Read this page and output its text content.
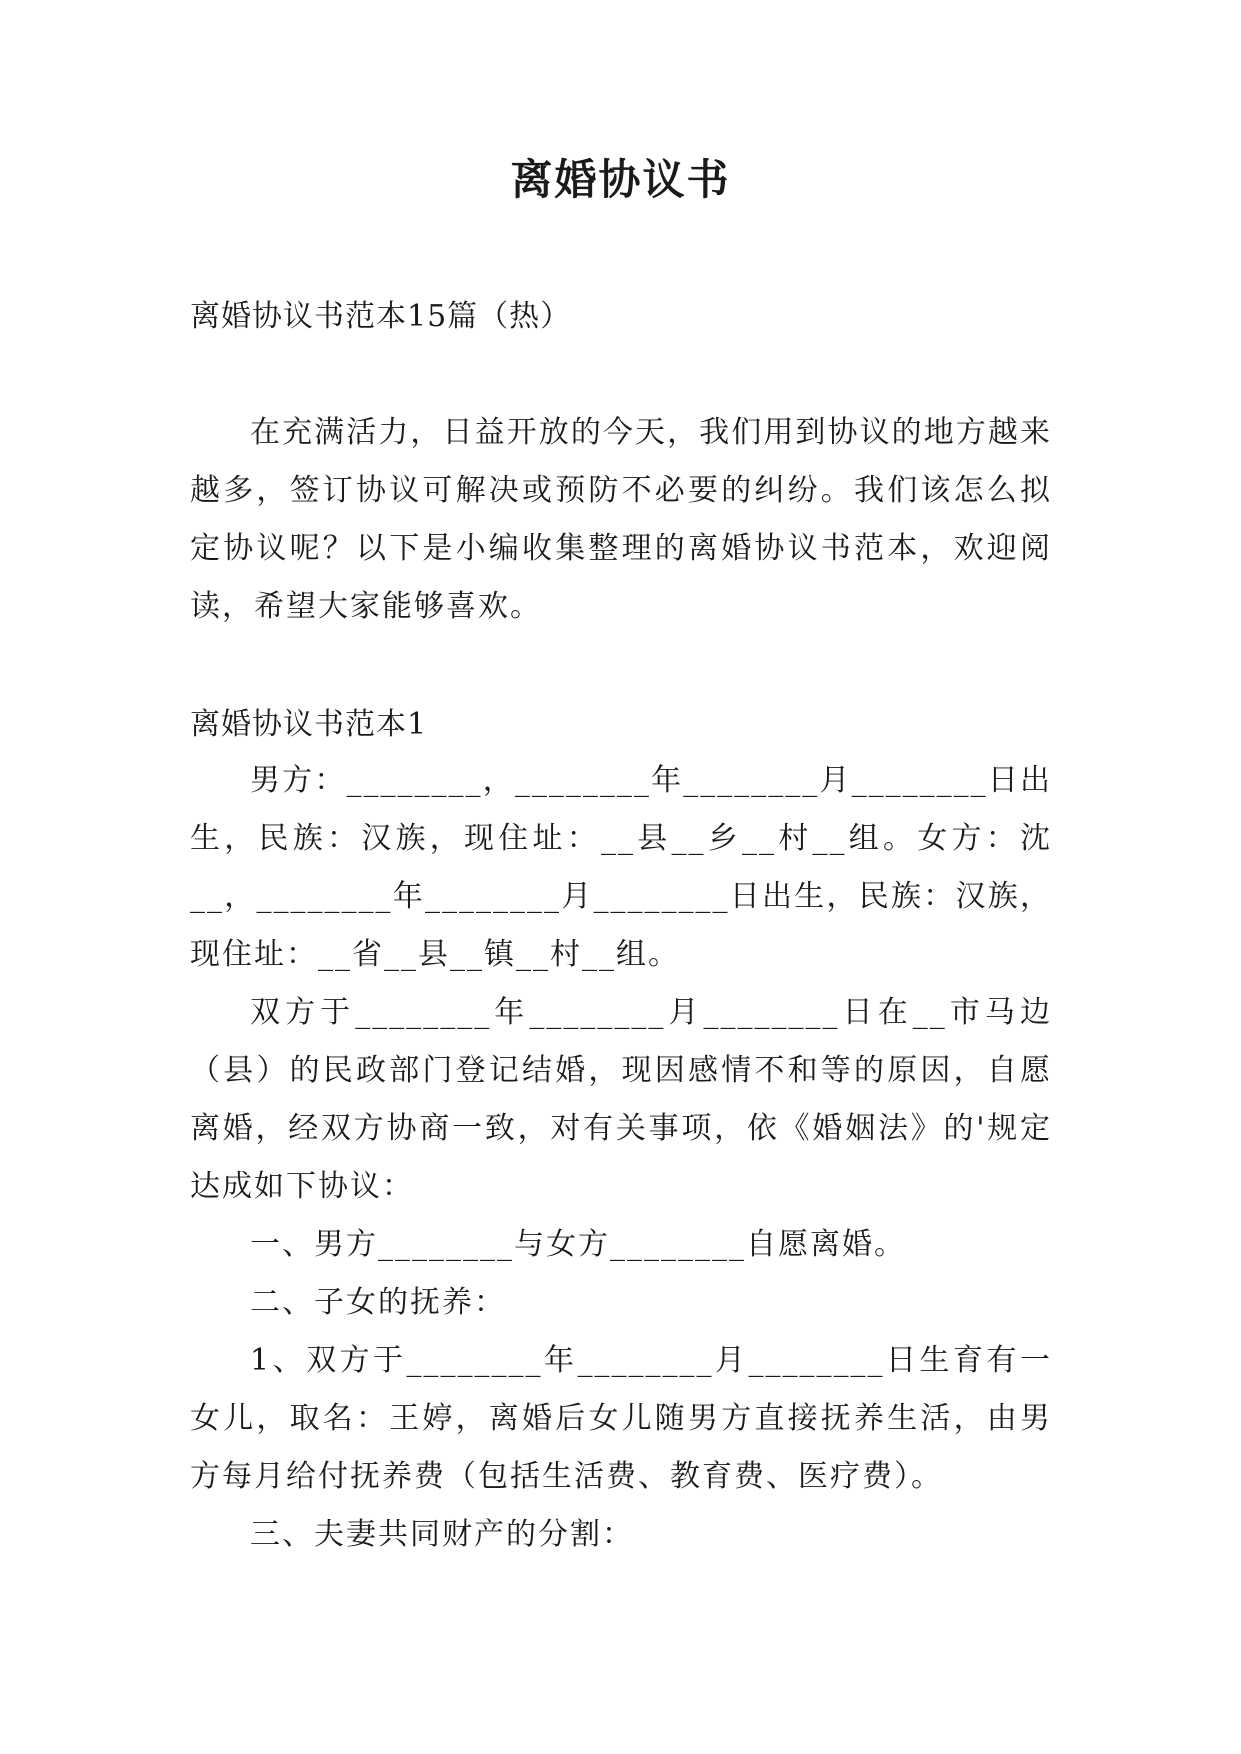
离婚协议书
离婚协议书范本15篇（热）

在充满活力，日益开放的今天，我们用到协议的地方越来越多，签订协议可解决或预防不必要的纠纷。我们该怎么拟定协议呢？以下是小编收集整理的离婚协议书范本，欢迎阅读，希望大家能够喜欢。

离婚协议书范本1

男方：________，________年________月________日出生，民族：汉族，现住址：__县__乡__村__组。女方：沈__，________年________月________日出生，民族：汉族，现住址：__省__县__镇__村__组。

双方于________年________月________日在__市马边（县）的民政部门登记结婚，现因感情不和等的原因，自愿离婚，经双方协商一致，对有关事项，依《婚姻法》的'规定达成如下协议：

一、男方________与女方________自愿离婚。

二、子女的抚养：

1、双方于________年________月________日生育有一女儿，取名：王婷，离婚后女儿随男方直接抚养生活，由男方每月给付抚养费（包括生活费、教育费、医疗费）。

三、夫妻共同财产的分割：
